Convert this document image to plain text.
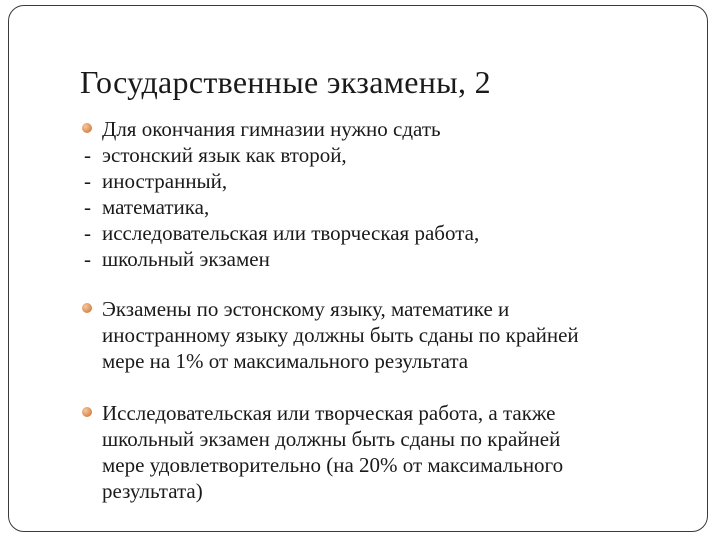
Государственные экзамены, 2
Для окончания гимназии нужно сдать
- эстонский язык как второй,
- иностранный,
- математика,
- исследовательская или творческая работа,
- школьный экзамен
Экзамены по эстонскому языку, математике и
иностранному языку должны быть сданы по крайней
мере на 1% от максимального результата
Исследовательская или творческая работа, а также
школьный экзамен должны быть сданы по крайней
мере удовлетворительно (на 20% от максимального
результата)
